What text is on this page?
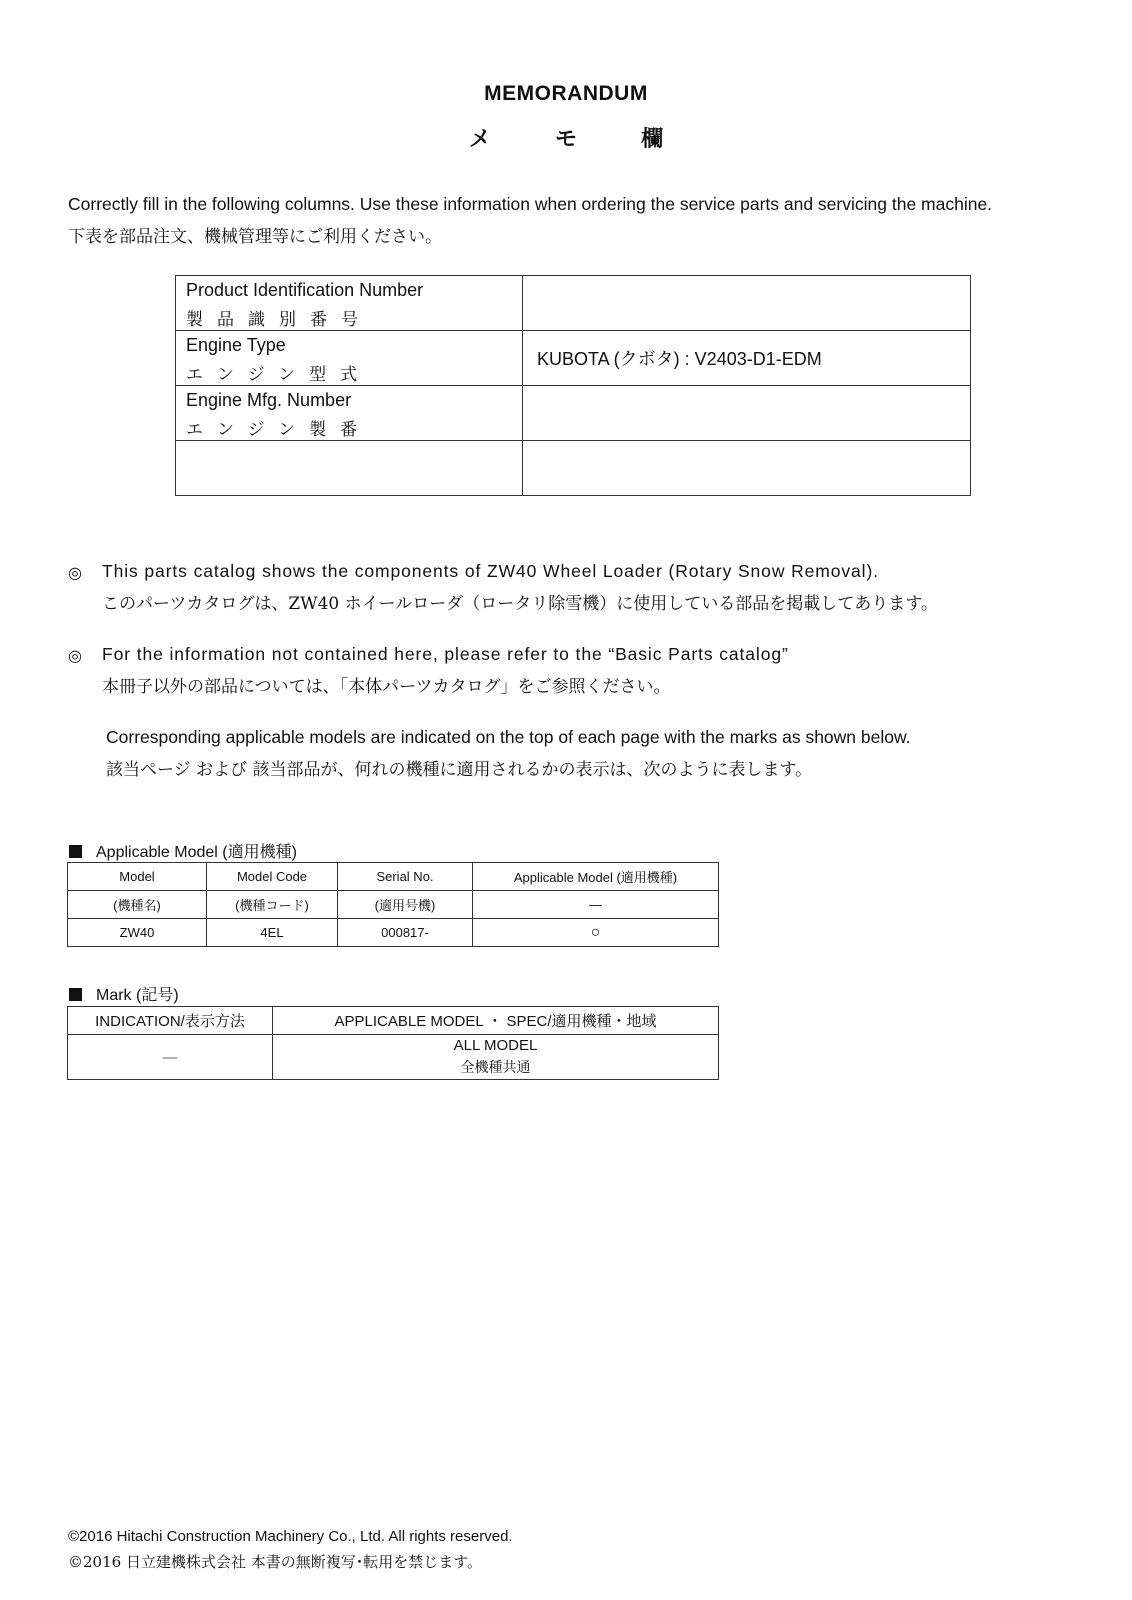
MEMORANDUM
メ	モ	欄
Correctly fill in the following columns. Use these information when ordering the service parts and servicing the machine.
下表を部品注文、機械管理等にご利用ください。
Product Identification Number
製品識別番号	

Engine Type
エンジン型式	KUBOTA (クボタ) : V2403-D1-EDM

Engine Mfg. Number
エンジン製番	

◎ This parts catalog shows the components of ZW40 Wheel Loader (Rotary Snow Removal).
このパーツカタログは、ZW40 ホイールローダ（ロータリ除雪機）に使用している部品を掲載してあります。
◎ For the information not contained here, please refer to the “Basic Parts catalog”
本冊子以外の部品については、「本体パーツカタログ」をご参照ください。
Corresponding applicable models are indicated on the top of each page with the marks as shown below.
該当ページ および 該当部品が、何れの機種に適用されるかの表示は、次のように表します。
Applicable Model (適用機種)
Model	Model Code	Serial No.	Applicable Model (適用機種)
(機種名)	(機種コード)	(適用号機)	—
ZW40	4EL	000817-	○
Mark (記号)
INDICATION/表示方法	APPLICABLE MODEL ・ SPEC/適用機種・地域
—	ALL MODEL
全機種共通
©2016 Hitachi Construction Machinery Co., Ltd. All rights reserved.
©2016 日立建機株式会社 本書の無断複写･転用を禁じます。
